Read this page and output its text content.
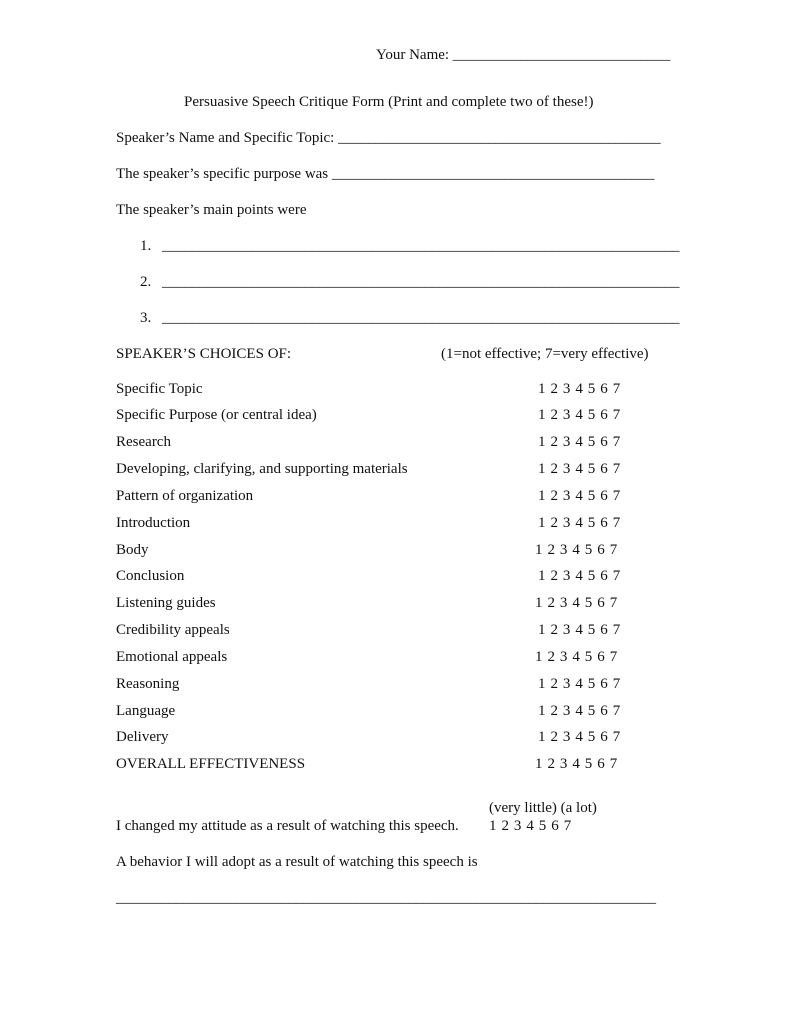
Your Name: _____________________________
Persuasive Speech Critique Form (Print and complete two of these!)
Speaker’s Name and Specific Topic: ___________________________________________
The speaker’s specific purpose was ___________________________________________
The speaker’s main points were
1. _____________________________________________________________________
2. _____________________________________________________________________
3. _____________________________________________________________________
SPEAKER’S CHOICES OF:	(1=not effective; 7=very effective)
Specific Topic	1 2 3 4 5 6 7
Specific Purpose (or central idea)	1 2 3 4 5 6 7
Research	1 2 3 4 5 6 7
Developing, clarifying, and supporting materials	1 2 3 4 5 6 7
Pattern of organization	1 2 3 4 5 6 7
Introduction	1 2 3 4 5 6 7
Body	1 2 3 4 5 6 7
Conclusion	1 2 3 4 5 6 7
Listening guides	1 2 3 4 5 6 7
Credibility appeals	1 2 3 4 5 6 7
Emotional appeals	1 2 3 4 5 6 7
Reasoning	1 2 3 4 5 6 7
Language	1 2 3 4 5 6 7
Delivery	1 2 3 4 5 6 7
OVERALL EFFECTIVENESS	1 2 3 4 5 6 7
(very little) (a lot)
I changed my attitude as a result of watching this speech. 1 2 3 4 5 6 7
A behavior I will adopt as a result of watching this speech is
________________________________________________________________________
